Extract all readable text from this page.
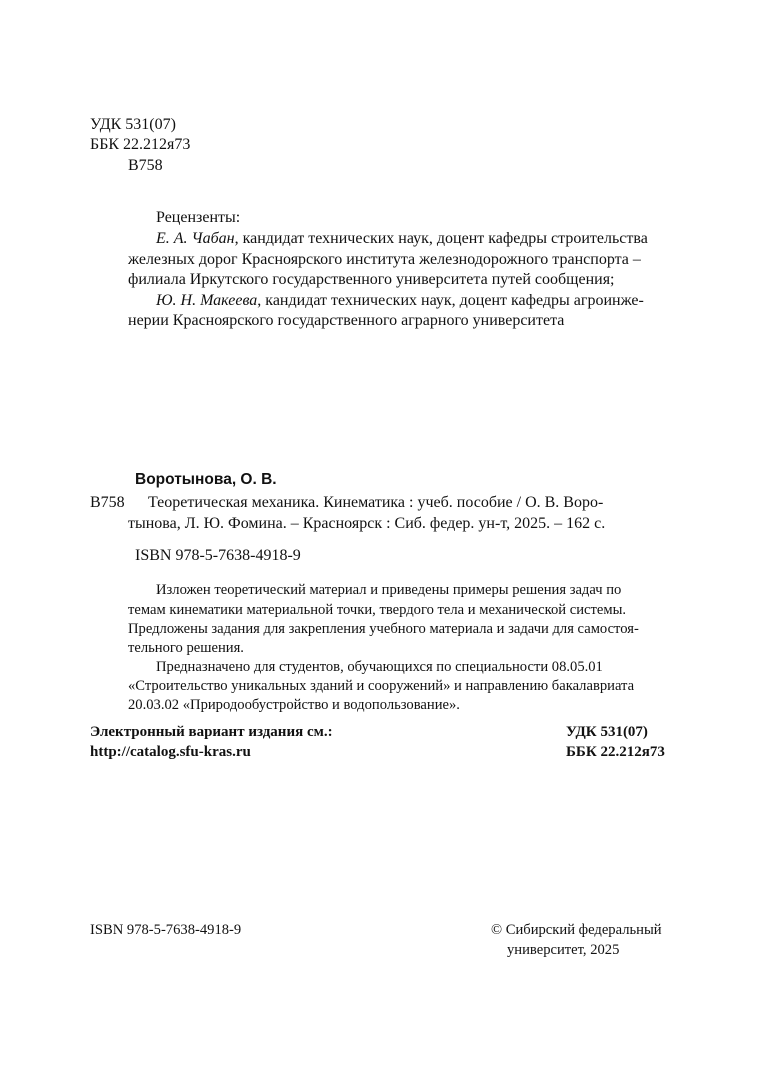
УДК 531(07)
ББК 22.212я73
В758
Рецензенты:
Е. А. Чабан, кандидат технических наук, доцент кафедры строительства
железных дорог Красноярского института железнодорожного транспорта –
филиала Иркутского государственного университета путей сообщения;
Ю. Н. Макеева, кандидат технических наук, доцент кафедры агроинже-
нерии Красноярского государственного аграрного университета
Воротынова, О. В.
В758 Теоретическая механика. Кинематика : учеб. пособие / О. В. Воро-
тынова, Л. Ю. Фомина. – Красноярск : Сиб. федер. ун-т, 2025. – 162 с.
ISBN 978-5-7638-4918-9
Изложен теоретический материал и приведены примеры решения задач по
темам кинематики материальной точки, твердого тела и механической системы.
Предложены задания для закрепления учебного материала и задачи для самостоя-
тельного решения.
Предназначено для студентов, обучающихся по специальности 08.05.01
«Строительство уникальных зданий и сооружений» и направлению бакалавриата
20.03.02 «Природообустройство и водопользование».
Электронный вариант издания см.:
http://catalog.sfu-kras.ru
УДК 531(07)
ББК 22.212я73
ISBN 978-5-7638-4918-9	© Сибирский федеральный
университет, 2025
